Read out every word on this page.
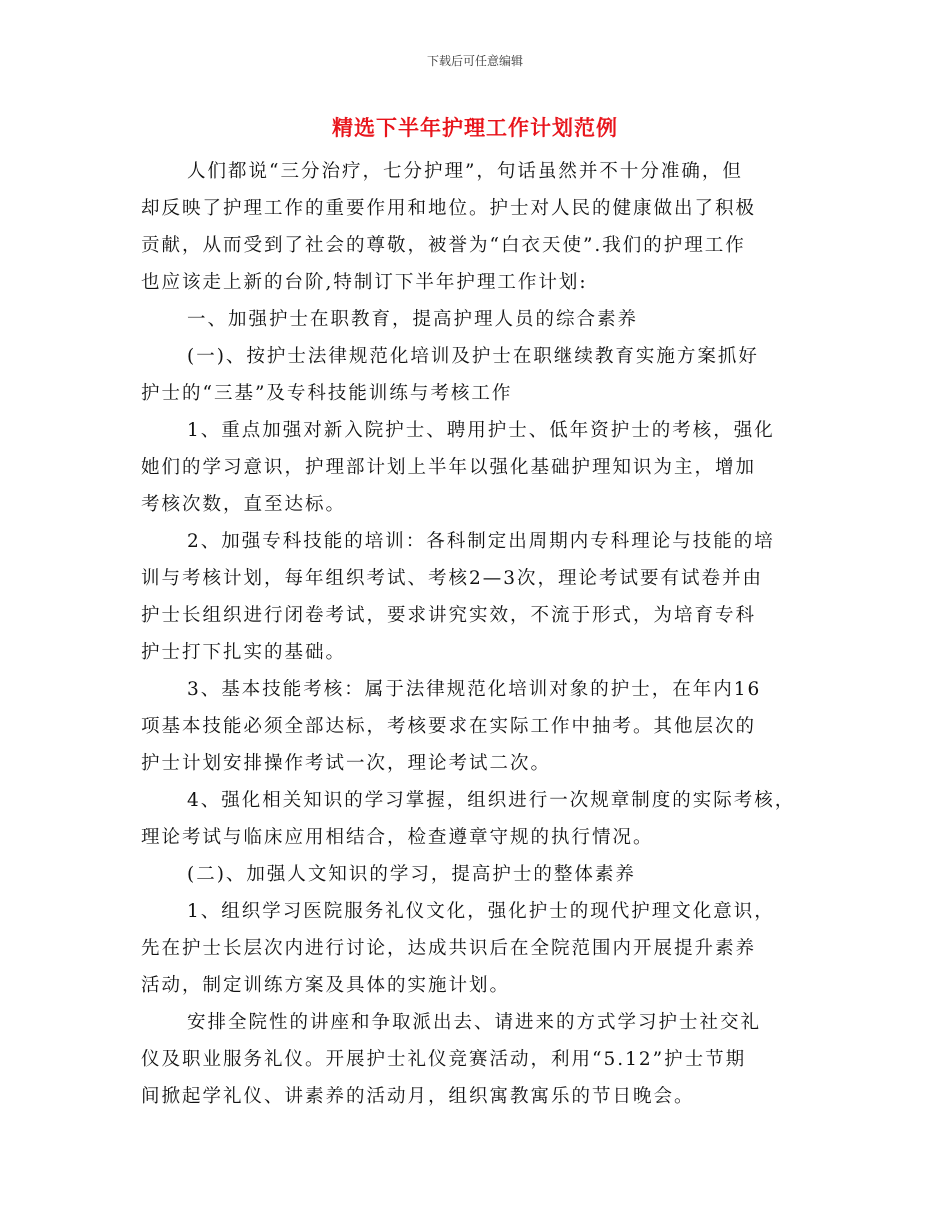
下载后可任意编辑
精选下半年护理工作计划范例
人们都说“三分治疗，七分护理”，句话虽然并不十分准确，但
却反映了护理工作的重要作用和地位。护士对人民的健康做出了积极
贡献，从而受到了社会的尊敬，被誉为“白衣天使”.我们的护理工作
也应该走上新的台阶,特制订下半年护理工作计划:
一、加强护士在职教育，提高护理人员的综合素养
(一)、按护士法律规范化培训及护士在职继续教育实施方案抓好
护士的“三基”及专科技能训练与考核工作
1、重点加强对新入院护士、聘用护士、低年资护士的考核，强化
她们的学习意识，护理部计划上半年以强化基础护理知识为主，增加
考核次数，直至达标。
2、加强专科技能的培训：各科制定出周期内专科理论与技能的培
训与考核计划，每年组织考试、考核2—3次，理论考试要有试卷并由
护士长组织进行闭卷考试，要求讲究实效，不流于形式，为培育专科
护士打下扎实的基础。
3、基本技能考核：属于法律规范化培训对象的护士，在年内16
项基本技能必须全部达标，考核要求在实际工作中抽考。其他层次的
护士计划安排操作考试一次，理论考试二次。
4、强化相关知识的学习掌握，组织进行一次规章制度的实际考核，
理论考试与临床应用相结合，检查遵章守规的执行情况。
(二)、加强人文知识的学习，提高护士的整体素养
1、组织学习医院服务礼仪文化，强化护士的现代护理文化意识，
先在护士长层次内进行讨论，达成共识后在全院范围内开展提升素养
活动，制定训练方案及具体的实施计划。
安排全院性的讲座和争取派出去、请进来的方式学习护士社交礼
仪及职业服务礼仪。开展护士礼仪竞赛活动，利用“5.12”护士节期
间掀起学礼仪、讲素养的活动月，组织寓教寓乐的节日晚会。
